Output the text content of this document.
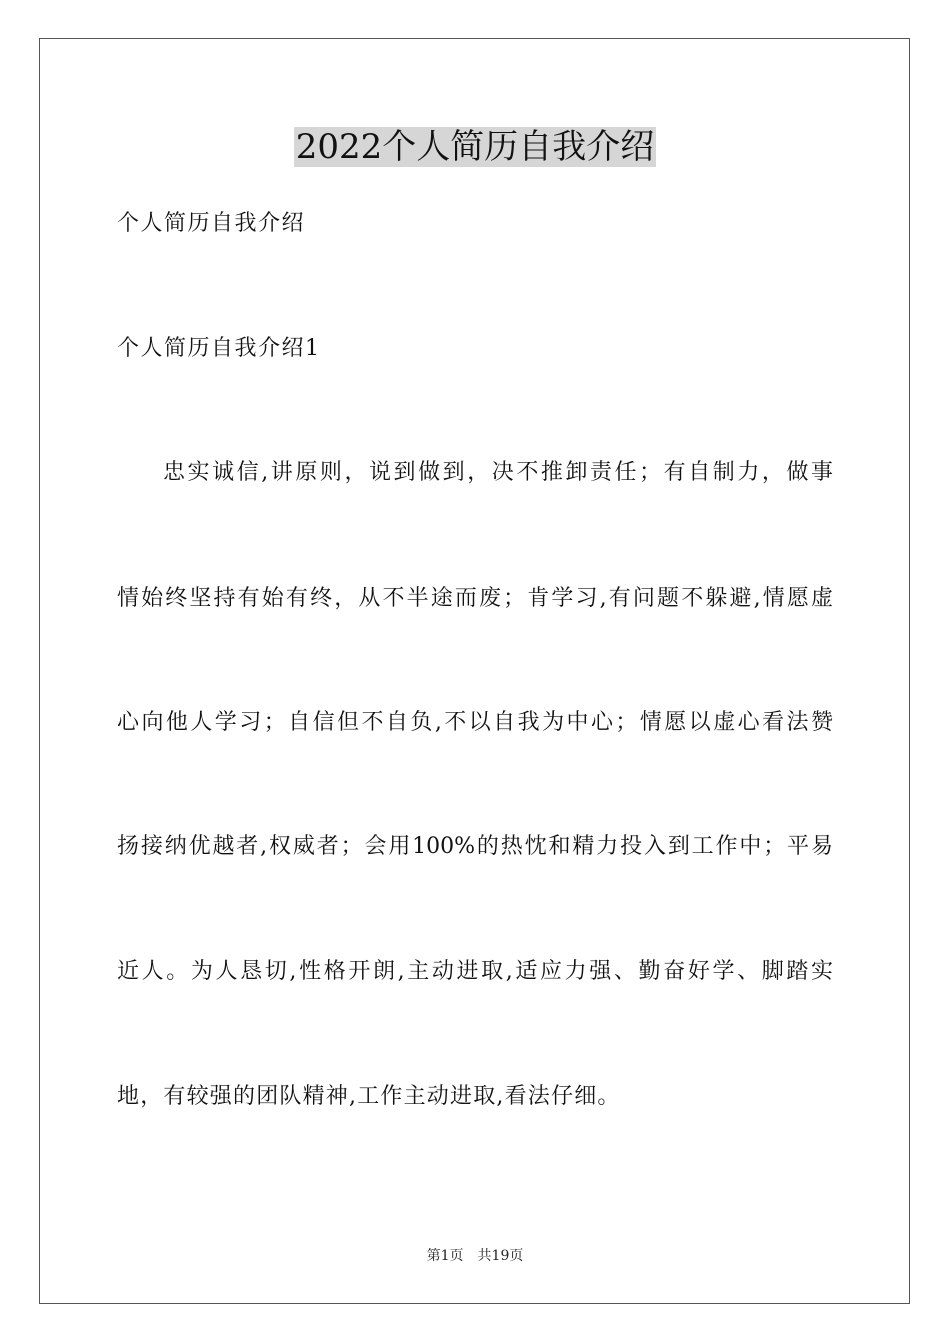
2022个人简历自我介绍
个人简历自我介绍
个人简历自我介绍1
忠实诚信,讲原则，说到做到，决不推卸责任；有自制力，做事
情始终坚持有始有终，从不半途而废；肯学习,有问题不躲避,情愿虚
心向他人学习；自信但不自负,不以自我为中心；情愿以虚心看法赞
扬接纳优越者,权威者；会用100%的热忱和精力投入到工作中；平易
近人。为人恳切,性格开朗,主动进取,适应力强、勤奋好学、脚踏实
地，有较强的团队精神,工作主动进取,看法仔细。
第1页 共19页
